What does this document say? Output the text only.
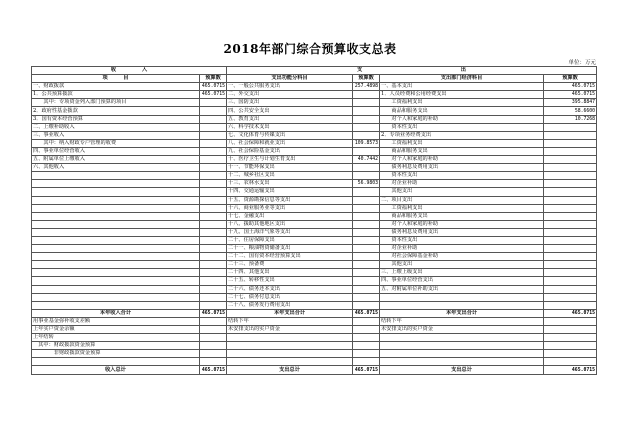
2018年部门综合预算收支总表
单位：万元
收　　　　　入		支　　　　　　　　　　　　　　　　　　　出			
项　　　目	预算数	支出功能分科目	预算数	支出部门经济科目	预算数
一、财政拨款	465.0715	一、一般公共服务支出	257.4898	一、基本支出	465.0715
1．公共预算拨款	465.0715	二、外交支出		1．人员经费和公用经费支出	465.0715
　　其中：专项资金列入部门预算的项目		三、国防支出		　　工资福利支出	395.8847
2．政府性基金拨款		四、公共安全支出		　　商品和服务支出	58.6600
3．国有资本经营预算		五、教育支出		　　对个人和家庭的补助	10.7268
二、上缴补助收入		六、科学技术支出		　　资本性支出	
三、事业收入		七、文化体育与传媒支出		2．专项业务经费支出	
　　其中：纳入财政专户管理的收费		八、社会保障和就业支出	109.8573	　　工资福利支出	
四、事业单位经营收入		九、社会保险基金支出		　　商品和服务支出	
五、附属单位上缴收入		十、医疗卫生与计划生育支出	40.7442	　　对个人和家庭的补助	
六、其他收入		十一、节能环保支出		　　债务利息及费用支出	
		十二、城乡社区支出		　　资本性支出	
		十三、农林水支出	56.9803	　　对企业补助	
		十四、交通运输支出		　　其他支出	
		十五、资源勘探信息等支出		二、项目支出	
		十六、商业服务业等支出		　　工资福利支出	
		十七、金融支出		　　商品和服务支出	
		十八、援助其他地区支出		　　对个人和家庭的补助	
		十九、国土海洋气象等支出		　　债务利息及费用支出	
		二十、住房保障支出		　　资本性支出	
		二十一、粮油物资储备支出		　　对企业补助	
		二十二、国有资本经营预算支出		　　对社会保障基金补助	
		二十三、预备费		　　其他支出	
		二十四、其他支出		三、上缴上级支出	
		二十五、转移性支出		四、事业单位经营支出	
		二十六、债务还本支出		五、对附属单位补助支出	
		二十七、债务付息支出			
		二十八、债务发行费用支出			
本年收入合计	465.0715	本年支出合计	465.0715	本年支出合计	465.0715
用事业基金弥补收支差额		结转下年		结转下年	
上年实户资金余额		未安排支出的实户资金		未安排支出的实户资金	
上年结转					
　其中：财政拨款资金预算					
　　　　非财政拨款资金预算					

收入总计	465.0715	支出总计	465.0715	支出总计	465.0715
